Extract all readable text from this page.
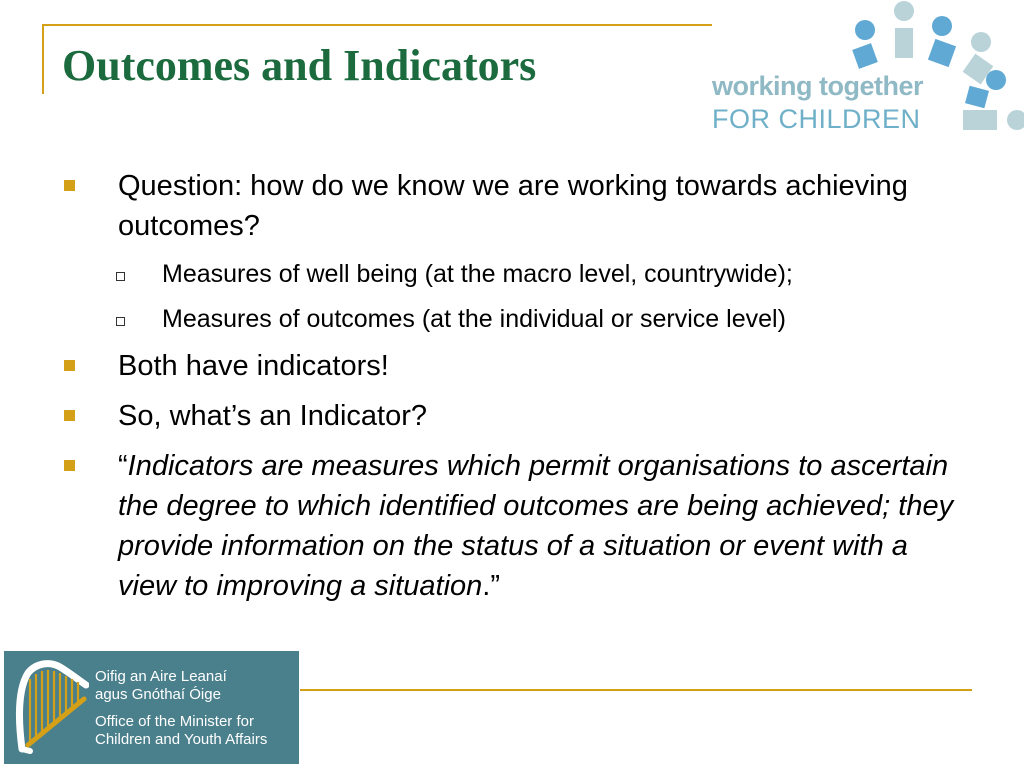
Outcomes and Indicators	working together
FOR CHILDREN

Question: how do we know we are working towards achieving outcomes?

Measures of well being (at the macro level, countrywide);

Measures of outcomes (at the individual or service level)

Both have indicators!

So, what’s an Indicator?

“Indicators are measures which permit organisations to ascertain the degree to which identified outcomes are being achieved; they provide information on the status of a situation or event with a view to improving a situation.”

Oifig an Aire Leanaí
agus Gnóthaí Óige
Office of the Minister for
Children and Youth Affairs
